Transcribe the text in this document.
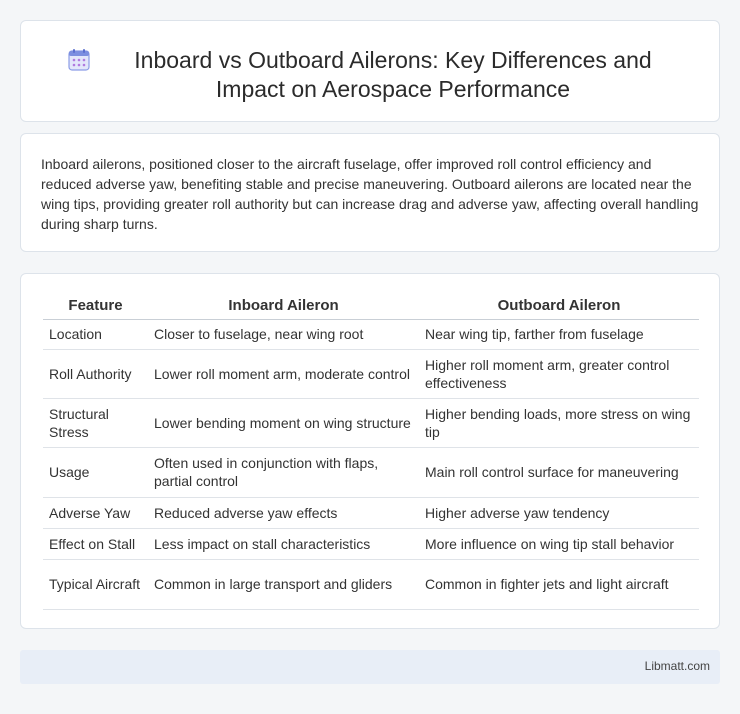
Inboard vs Outboard Ailerons: Key Differences and Impact on Aerospace Performance

Inboard ailerons, positioned closer to the aircraft fuselage, offer improved roll control efficiency and reduced adverse yaw, benefiting stable and precise maneuvering. Outboard ailerons are located near the wing tips, providing greater roll authority but can increase drag and adverse yaw, affecting overall handling during sharp turns.

Feature	Inboard Aileron	Outboard Aileron
Location	Closer to fuselage, near wing root	Near wing tip, farther from fuselage
Roll Authority	Lower roll moment arm, moderate control	Higher roll moment arm, greater control effectiveness
Structural Stress	Lower bending moment on wing structure	Higher bending loads, more stress on wing tip
Usage	Often used in conjunction with flaps, partial control	Main roll control surface for maneuvering
Adverse Yaw	Reduced adverse yaw effects	Higher adverse yaw tendency
Effect on Stall	Less impact on stall characteristics	More influence on wing tip stall behavior
Typical Aircraft	Common in large transport and gliders	Common in fighter jets and light aircraft
Libmatt.com
